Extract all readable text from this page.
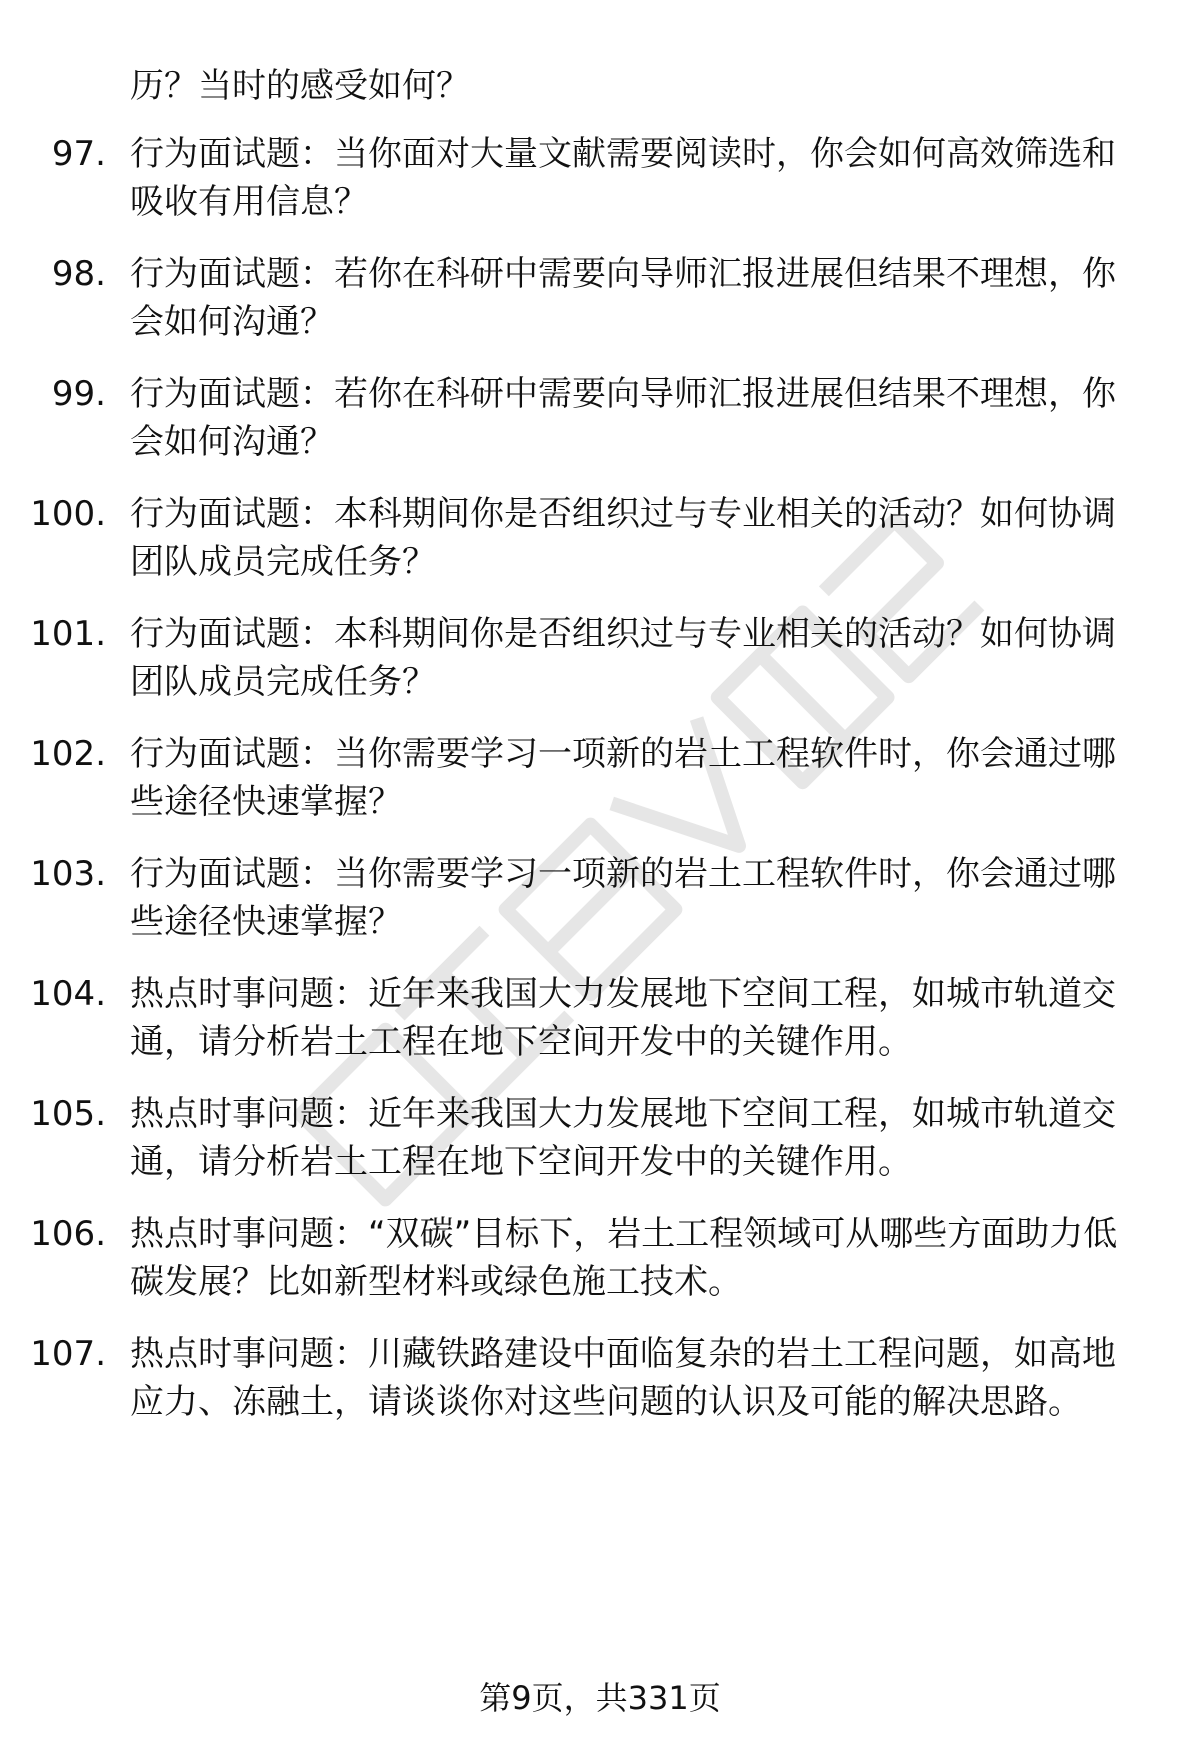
历？当时的感受如何？
97. 行为面试题：当你面对大量文献需要阅读时，你会如何高效筛选和吸收有用信息？
98. 行为面试题：若你在科研中需要向导师汇报进展但结果不理想，你会如何沟通？
99. 行为面试题：若你在科研中需要向导师汇报进展但结果不理想，你会如何沟通？
100. 行为面试题：本科期间你是否组织过与专业相关的活动？如何协调团队成员完成任务？
101. 行为面试题：本科期间你是否组织过与专业相关的活动？如何协调团队成员完成任务？
102. 行为面试题：当你需要学习一项新的岩土工程软件时，你会通过哪些途径快速掌握？
103. 行为面试题：当你需要学习一项新的岩土工程软件时，你会通过哪些途径快速掌握？
104. 热点时事问题：近年来我国大力发展地下空间工程，如城市轨道交通，请分析岩土工程在地下空间开发中的关键作用。
105. 热点时事问题：近年来我国大力发展地下空间工程，如城市轨道交通，请分析岩土工程在地下空间开发中的关键作用。
106. 热点时事问题：“双碳”目标下，岩土工程领域可从哪些方面助力低碳发展？比如新型材料或绿色施工技术。
107. 热点时事问题：川藏铁路建设中面临复杂的岩土工程问题，如高地应力、冻融土，请谈谈你对这些问题的认识及可能的解决思路。
第9页，共331页
